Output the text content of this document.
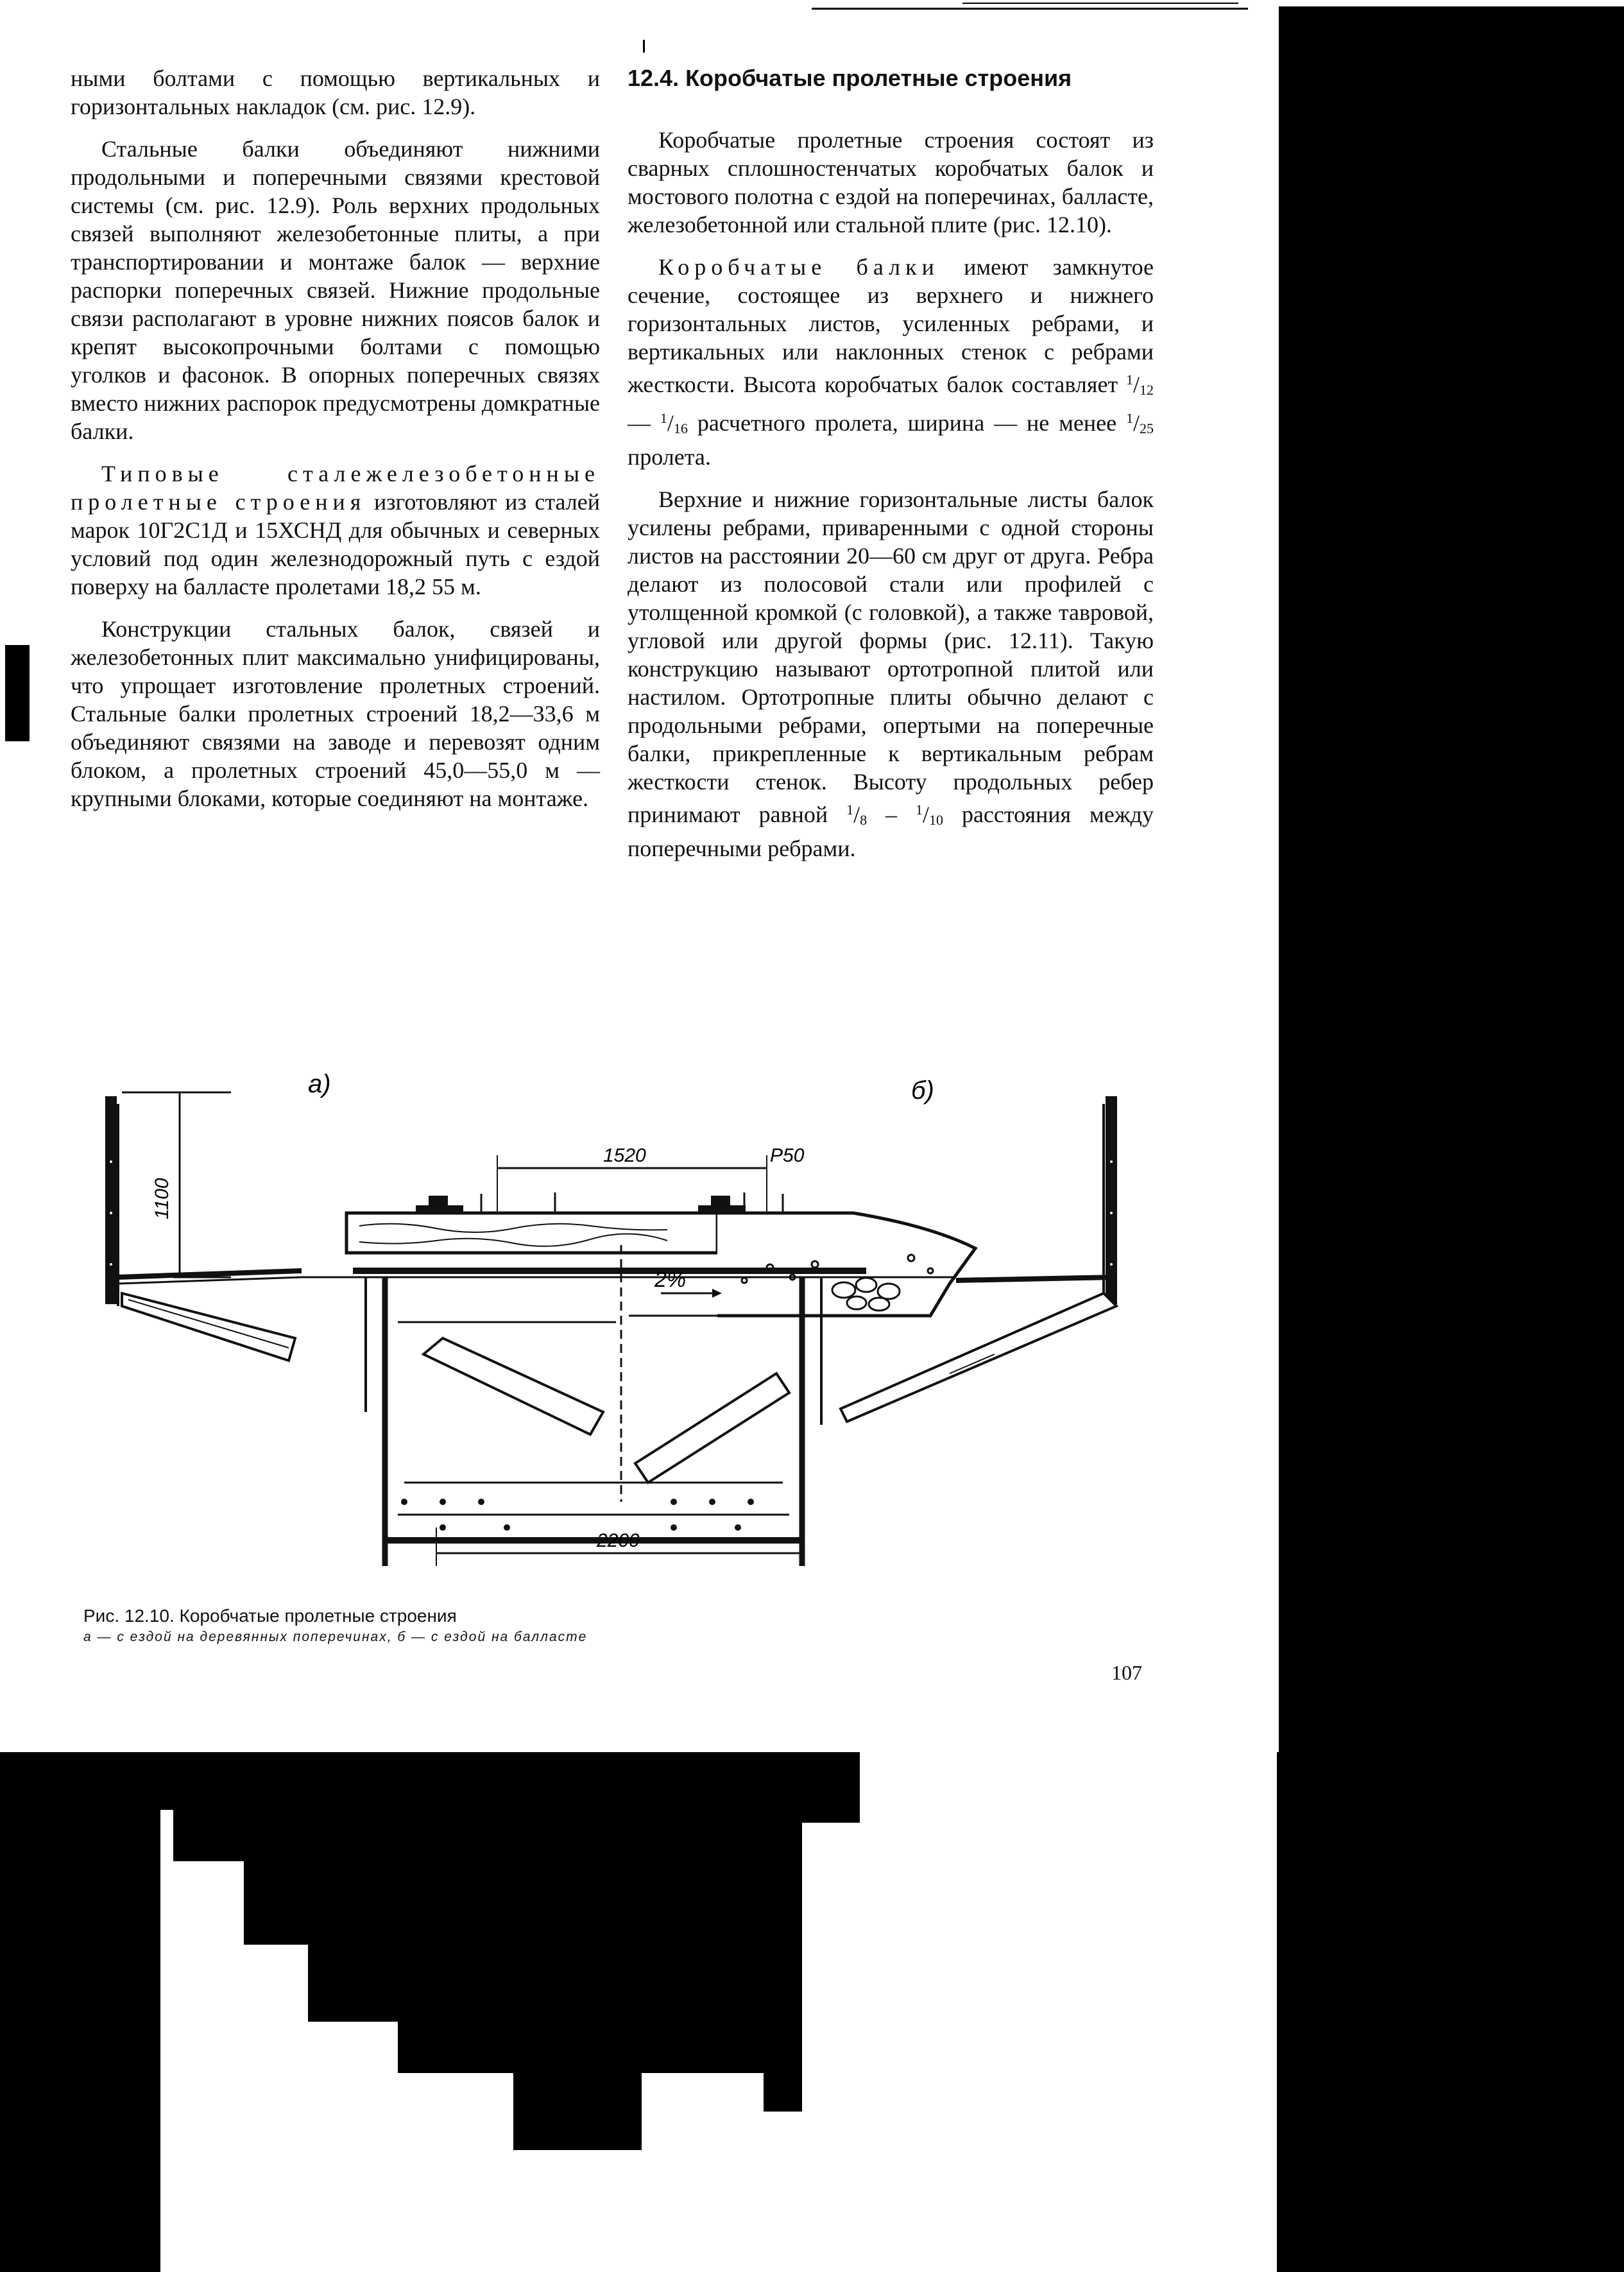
ными болтами с помощью вертикальных и горизонтальных накладок (см. рис. 12.9).

Стальные балки объединяют нижними продольными и поперечными связями крестовой системы (см. рис. 12.9). Роль верхних продольных связей выполняют железобетонные плиты, а при транспортировании и монтаже балок — верхние распорки поперечных связей. Нижние продольные связи располагают в уровне нижних поясов балок и крепят высокопрочными болтами с помощью уголков и фасонок. В опорных поперечных связях вместо нижних распорок предусмотрены домкратные балки.

Типовые сталежелезобетонные пролетные строения изготовляют из сталей марок 10Г2С1Д и 15ХСНД для обычных и северных условий под один железнодорожный путь с ездой поверху на балласте пролетами 18,2 55 м.

Конструкции стальных балок, связей и железобетонных плит максимально унифицированы, что упрощает изготовление пролетных строений. Стальные балки пролетных строений 18,2—33,6 м объединяют связями на заводе и перевозят одним блоком, а пролетных строений 45,0—55,0 м — крупными блоками, которые соединяют на монтаже.

12.4. Коробчатые пролетные строения

Коробчатые пролетные строения состоят из сварных сплошностенчатых коробчатых балок и мостового полотна с ездой на поперечинах, балласте, железобетонной или стальной плите (рис. 12.10).

Коробчатые балки имеют замкнутое сечение, состоящее из верхнего и нижнего горизонтальных листов, усиленных ребрами, и вертикальных или наклонных стенок с ребрами жесткости. Высота коробчатых балок составляет $^1/_{12}$ — $^1/_{16}$ расчетного пролета, ширина — не менее $^1/_{25}$ пролета.

Верхние и нижние горизонтальные листы балок усилены ребрами, приваренными с одной стороны листов на расстоянии 20—60 см друг от друга. Ребра делают из полосовой стали или профилей с утолщенной кромкой (с головкой), а также тавровой, угловой или другой формы (рис. 12.11). Такую конструкцию называют ортотропной плитой или настилом. Ортотропные плиты обычно делают с продольными ребрами, опертыми на поперечные балки, прикрепленные к вертикальным ребрам жесткости стенок. Высоту продольных ребер принимают равной $^1/_8 - ^1/_{10}$ расстояния между поперечными ребрами.

а)	б)
1100
1520	Р50
2%
2200
Рис. 12.10. Коробчатые пролетные строения
а — с ездой на деревянных поперечинах, б — с ездой на балласте
107
